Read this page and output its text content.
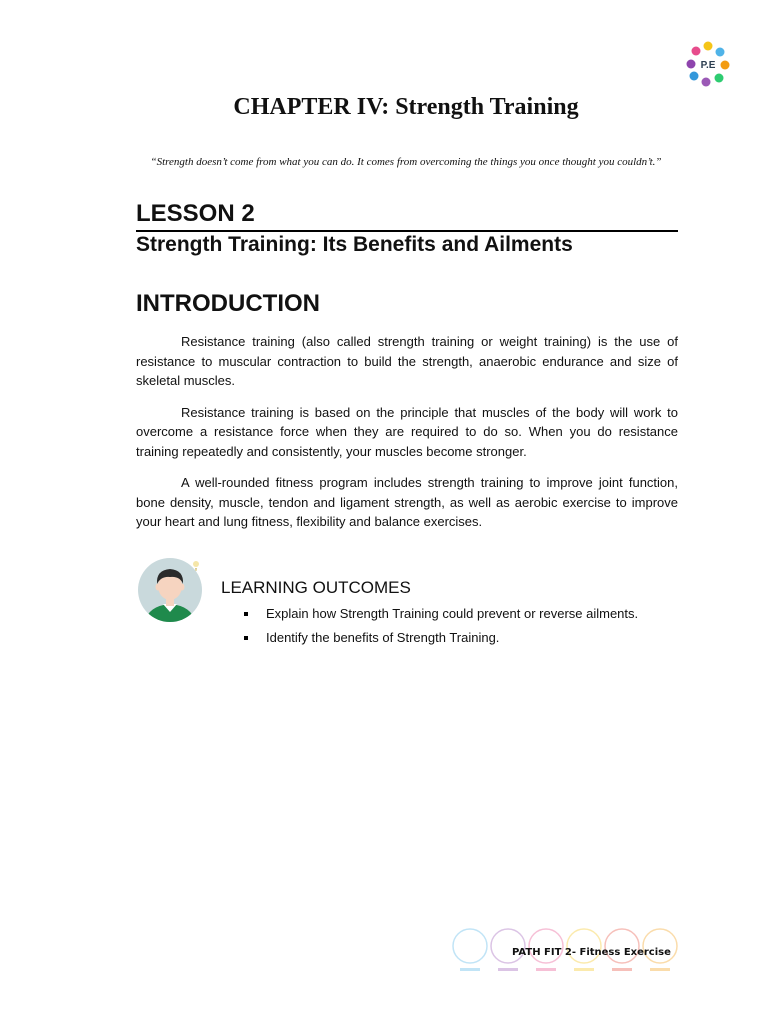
P.E
CHAPTER IV: Strength Training

“Strength doesn’t come from what you can do. It comes from overcoming the things you once thought you couldn’t.”

LESSON 2
Strength Training: Its Benefits and Ailments
INTRODUCTION

Resistance training (also called strength training or weight training) is the use of resistance to muscular contraction to build the strength, anaerobic endurance and size of skeletal muscles.

Resistance training is based on the principle that muscles of the body will work to overcome a resistance force when they are required to do so. When you do resistance training repeatedly and consistently, your muscles become stronger.

A well-rounded fitness program includes strength training to improve joint function, bone density, muscle, tendon and ligament strength, as well as aerobic exercise to improve your heart and lung fitness, flexibility and balance exercises.

LEARNING OUTCOMES
Explain how Strength Training could prevent or reverse ailments.
Identify the benefits of Strength Training.

PATH FIT 2- Fitness Exercise
